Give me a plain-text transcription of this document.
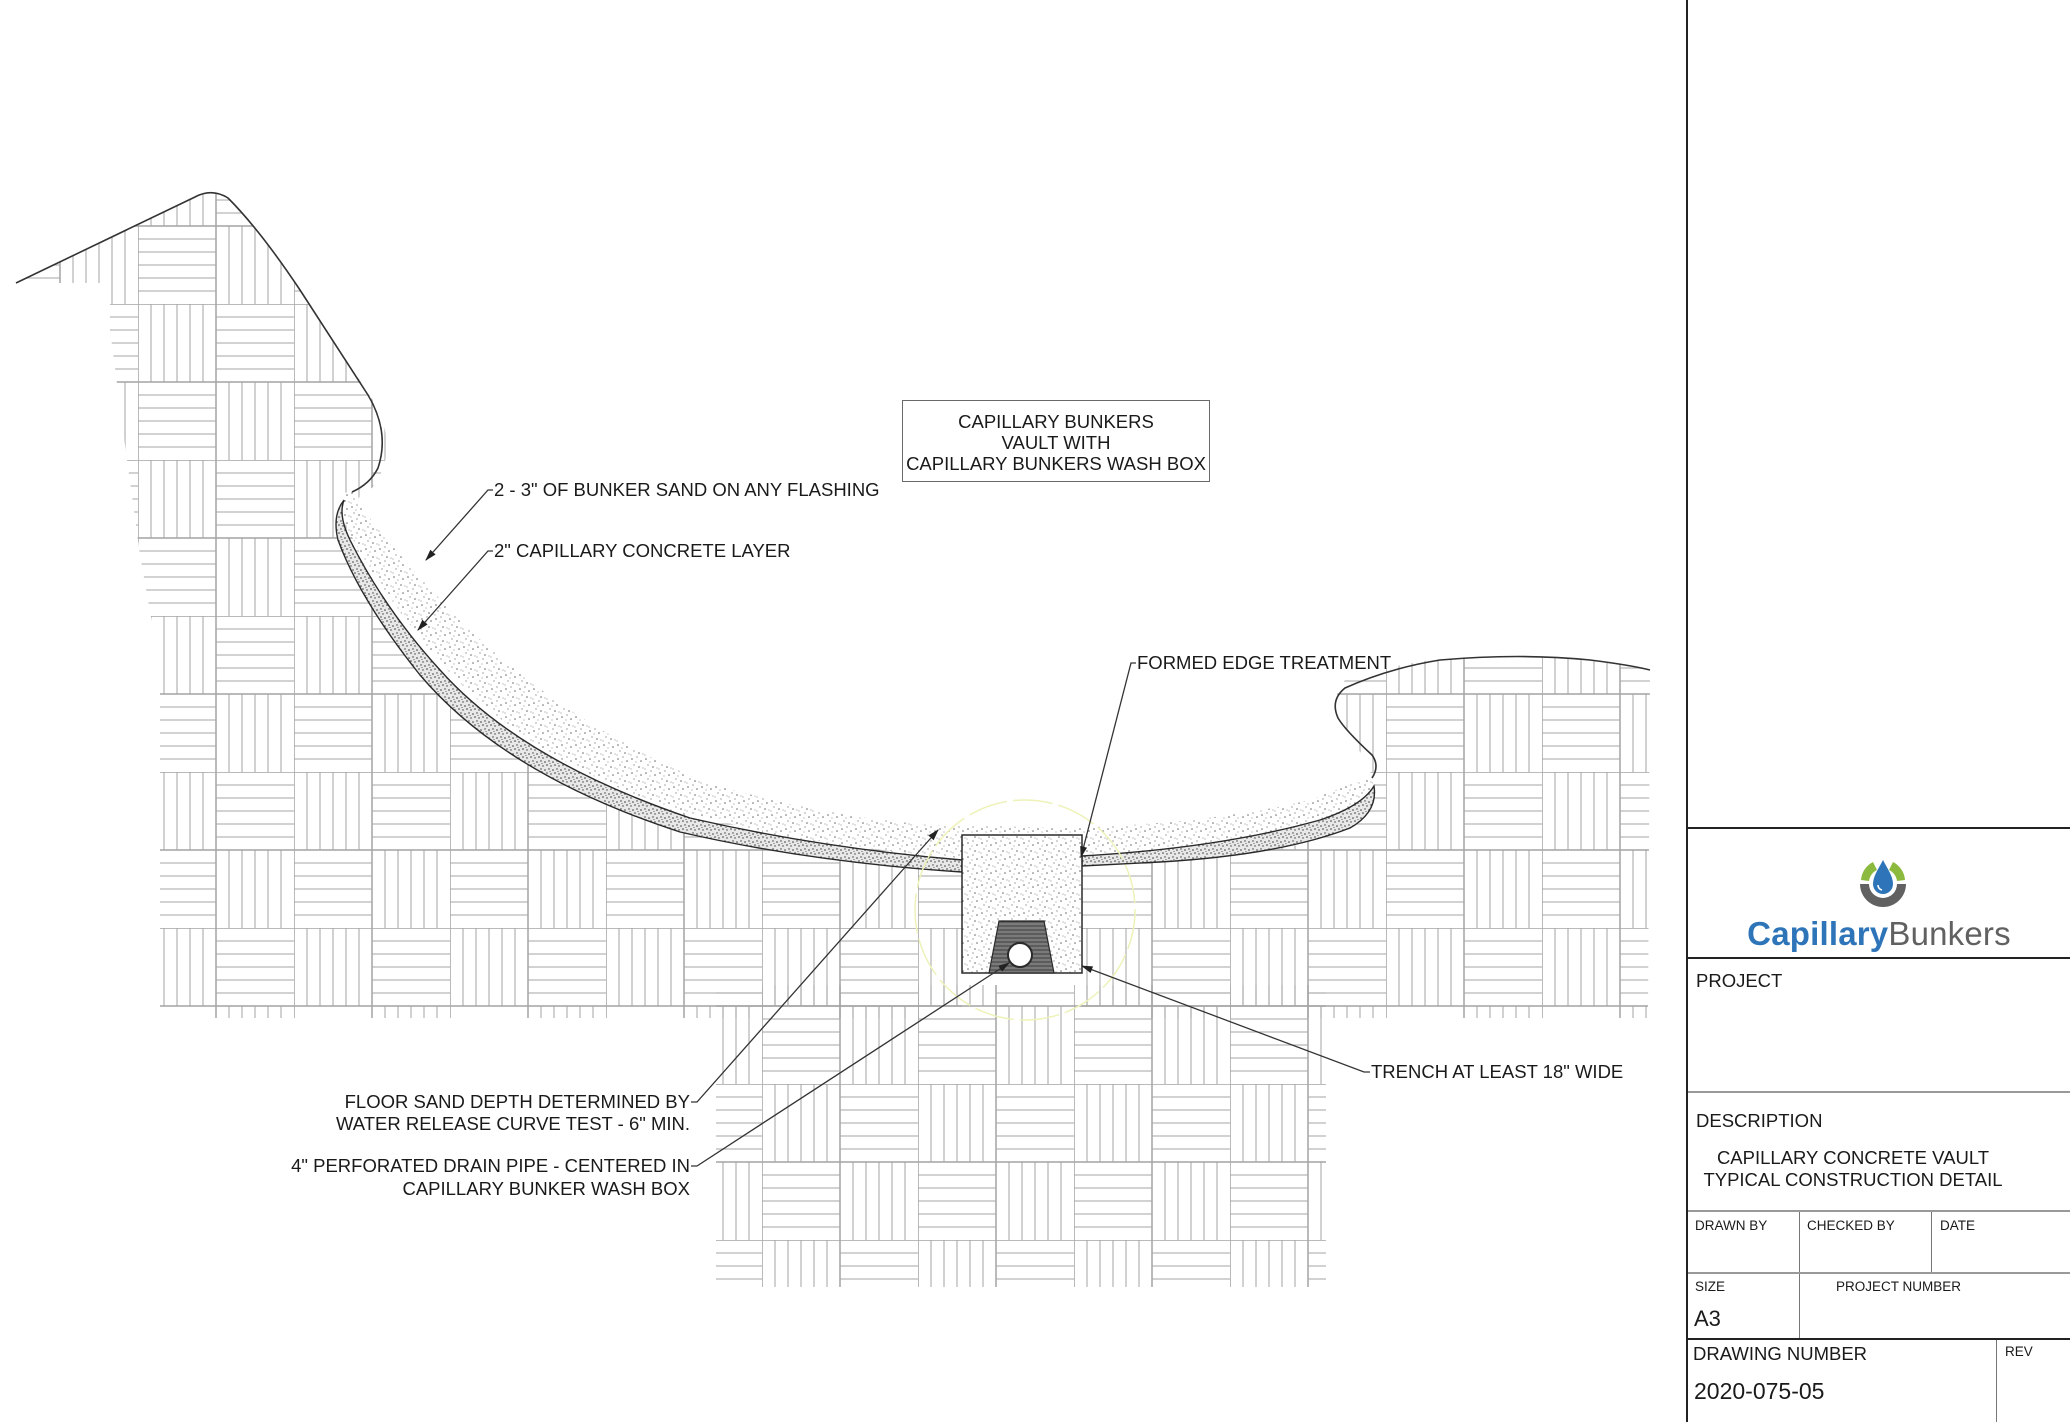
CAPILLARY BUNKERS
VAULT WITH
CAPILLARY BUNKERS WASH BOX
2 - 3" OF BUNKER SAND ON ANY FLASHING
2" CAPILLARY CONCRETE LAYER
FORMED EDGE TREATMENT
TRENCH AT LEAST 18" WIDE
FLOOR SAND DEPTH DETERMINED BY
WATER RELEASE CURVE TEST - 6" MIN.
4" PERFORATED DRAIN PIPE - CENTERED IN
CAPILLARY BUNKER WASH BOX
CapillaryBunkers
PROJECT
DESCRIPTION
CAPILLARY CONCRETE VAULT
TYPICAL CONSTRUCTION DETAIL
DRAWN BY	CHECKED BY	DATE
SIZE
A3
PROJECT NUMBER
DRAWING NUMBER
2020-075-05
REV
